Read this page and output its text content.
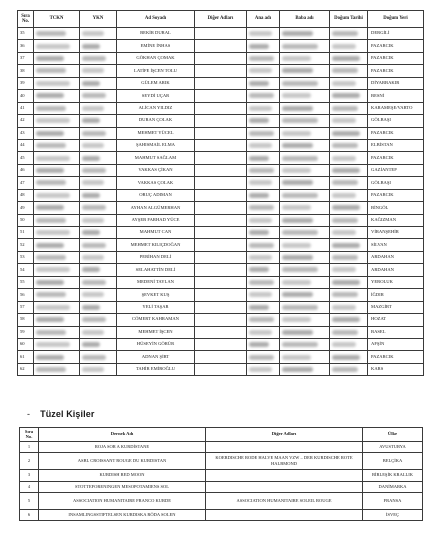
Sıra No.	TCKN	YKN	Ad Soyadı	Diğer Adları	Ana adı	Baba adı	Doğum Tarihi	Doğum Yeri
35			BEKİR DURAL					DERGİLİ
36			EMİNE İNHAS					PAZARCIK
37			GÖKHAN ÇOMAK					PAZARCIK
38			LATİFE İŞCEN TOLU					PAZARCIK
39			GÜLEM ARIK					DİYARBAKIR
40			SEYDİ UÇAR					BESNİ
41			ALİCAN YILDIZ					KARAMEŞE/VARTO
42			DURAN ÇOLAK					GÖLBAŞI
43			MEHMET YÜCEL					PAZARCIK
44			ŞAHISMAİL ELMA					ELBİSTAN
45			MAHMUT SAĞLAM					PAZARCIK
46			VAKKAS ÇİKAN					GAZİANTEP
47			VAKKAS ÇOLAK					GÖLBAŞI
48			ORUÇ ADIMAN					PAZARCIK
49			AYHAN ALGÜMERHAN					BİNGÖL
50			AYŞEB FARHAD YÜCE					KAĞIZMAN
51			MAHMUT CAN					VİRANŞEHİR
52			MEHMET KILIÇDOĞAN					SİLVAN
53			PERİHAN DELİ					ARDAHAN
54			SELAHATTİN DELİ					ARDAHAN
55			MEDENİ TAYLAN					YEROLUK
56			ŞEVKET KUŞ					İĞDIR
57			YELİ TAŞAR					MAZGİRT
58			CÖMERT KAHRAMAN					HOZAT
59			MEHMET İŞCEN					BASEL
60			HÜSEYİN GÖRÜR					AFŞİN
61			ADNAN ŞİRT					PAZARCIK
62			TAHİR EMİROĞLU					KARS
- Tüzel Kişiler
Sıra No.	Dernek Adı	Diğer Adları	Ülke
1	ROJA SOR A KURDİSTANE		AVUSTURYA
2	ASBL CROISSANT ROUGE DU KURDISTAN	KOERDISCHE RODE HALVE MAAN VZW – DER KURDISCHE ROTE HALBMOND	BELÇİKA
3	KURDISH RED MOON		BİRLEŞİK KRALLIK
4	STOTTEFORENINGEN MESOPOTAMIENS SOL		DANİMARKA
5	ASSOCIATION HUMANITAIRE FRANCO KURDE	ASSOCIATION HUMANITAIRE SOLEIL ROUGE	FRANSA
6	INSAMLINGSSTIFTELSEN KURDISKA RÖDA SOLEN		İSVEÇ
